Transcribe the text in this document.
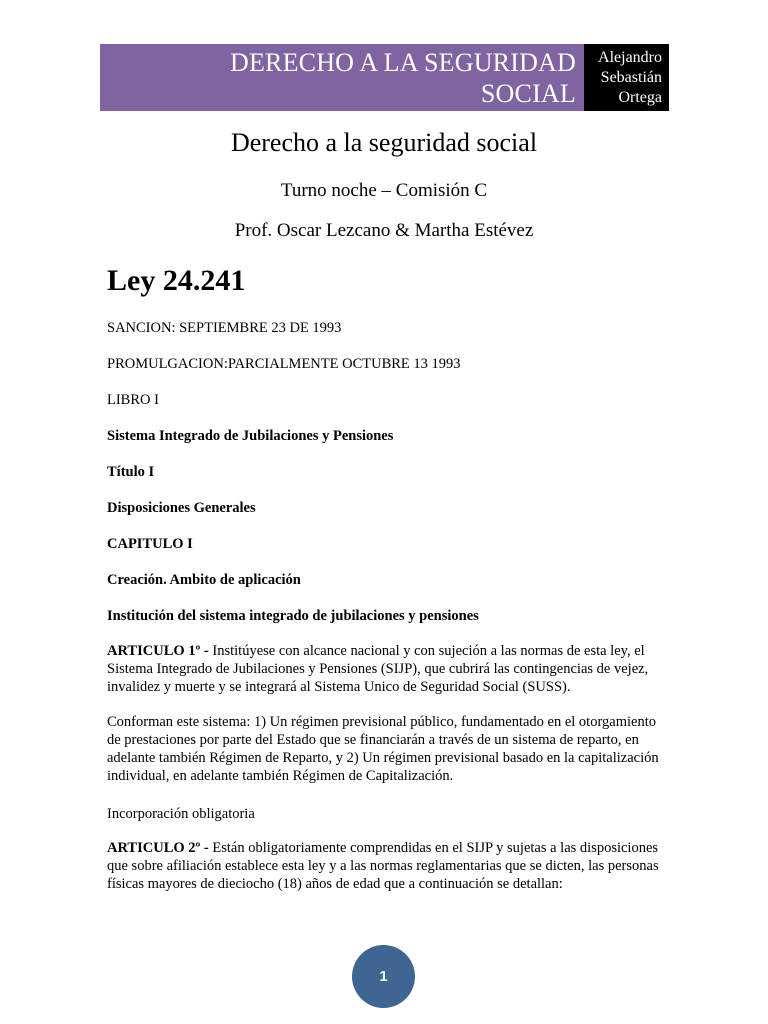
DERECHO A LA SEGURIDAD
SOCIAL
Alejandro
Sebastián
Ortega
Derecho a la seguridad social
Turno noche – Comisión C
Prof. Oscar Lezcano & Martha Estévez
Ley 24.241
SANCION: SEPTIEMBRE 23 DE 1993
PROMULGACION:PARCIALMENTE OCTUBRE 13 1993
LIBRO I
Sistema Integrado de Jubilaciones y Pensiones
Título I
Disposiciones Generales
CAPITULO I
Creación. Ambito de aplicación
Institución del sistema integrado de jubilaciones y pensiones
ARTICULO 1º - Institúyese con alcance nacional y con sujeción a las normas de esta ley, el Sistema Integrado de Jubilaciones y Pensiones (SIJP), que cubrirá las contingencias de vejez, invalidez y muerte y se integrará al Sistema Unico de Seguridad Social (SUSS).
Conforman este sistema: 1) Un régimen previsional público, fundamentado en el otorgamiento de prestaciones por parte del Estado que se financiarán a través de un sistema de reparto, en adelante también Régimen de Reparto, y 2) Un régimen previsional basado en la capitalización individual, en adelante también Régimen de Capitalización.
Incorporación obligatoria
ARTICULO 2º - Están obligatoriamente comprendidas en el SIJP y sujetas a las disposiciones que sobre afiliación establece esta ley y a las normas reglamentarias que se dicten, las personas físicas mayores de dieciocho (18) años de edad que a continuación se detallan:
1
